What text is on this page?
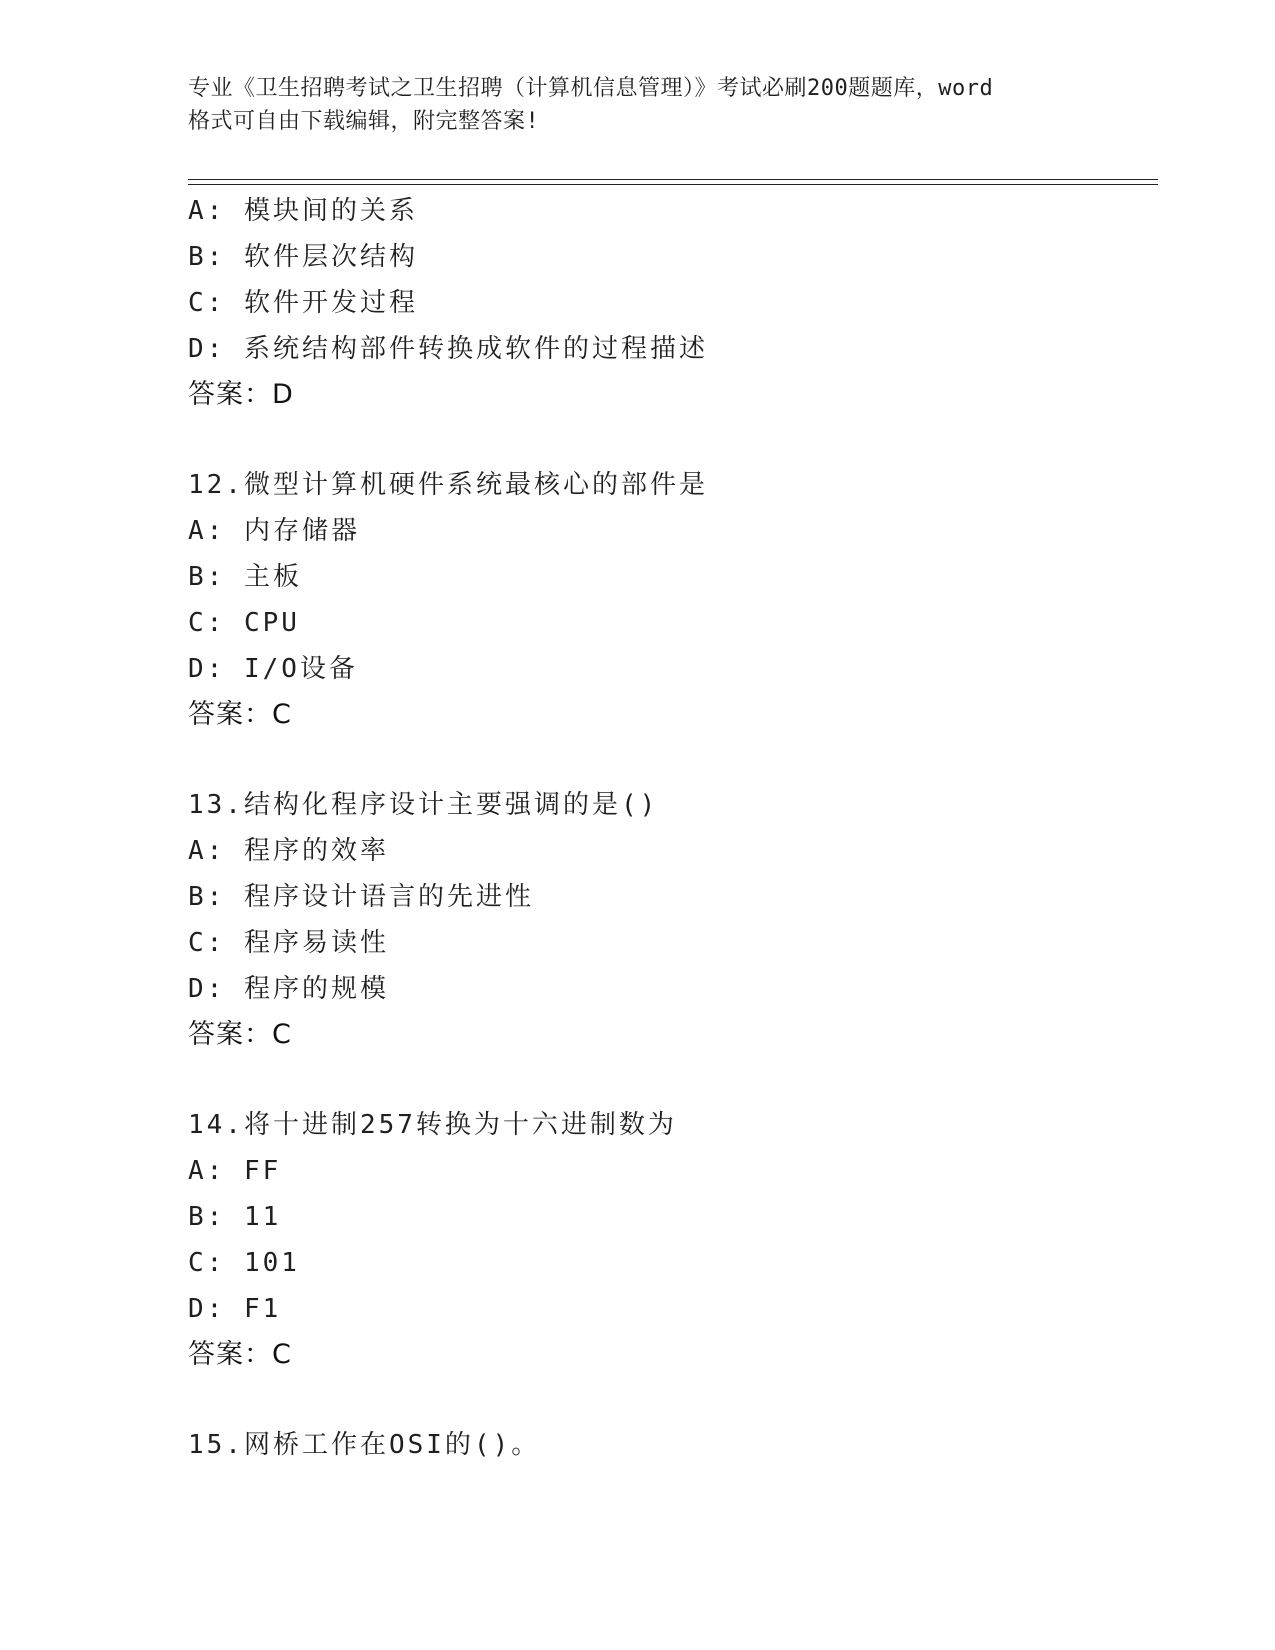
专业《卫生招聘考试之卫生招聘（计算机信息管理）》考试必刷200题题库，word
格式可自由下载编辑，附完整答案!
A: 模块间的关系
B: 软件层次结构
C: 软件开发过程
D: 系统结构部件转换成软件的过程描述
答案：D
12.微型计算机硬件系统最核心的部件是
A: 内存储器
B: 主板
C: CPU
D: I/O设备
答案：C
13.结构化程序设计主要强调的是()
A: 程序的效率
B: 程序设计语言的先进性
C: 程序易读性
D: 程序的规模
答案：C
14.将十进制257转换为十六进制数为
A: FF
B: 11
C: 101
D: F1
答案：C
15.网桥工作在OSI的()。
